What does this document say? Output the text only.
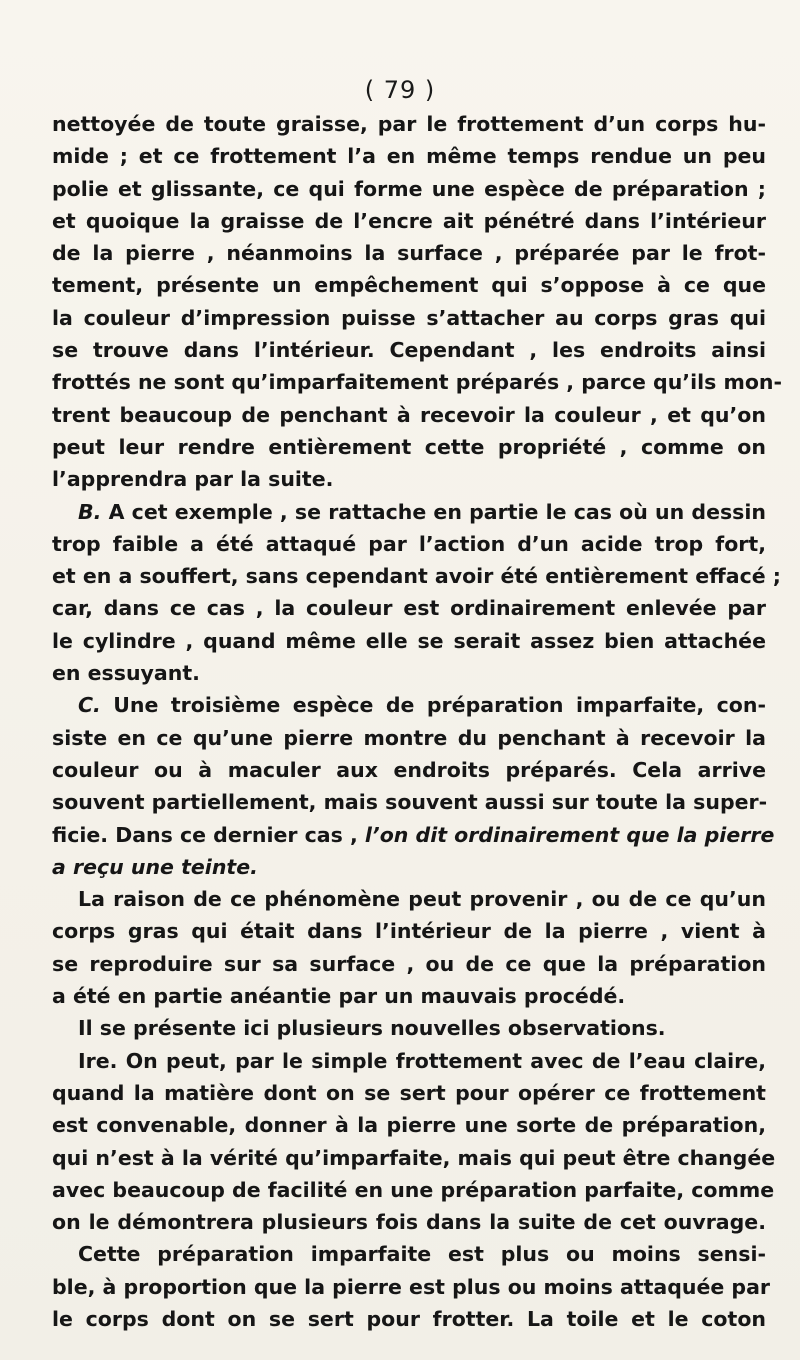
( 79 )
nettoyée de toute graisse, par le frottement d’un corps hu-
mide ; et ce frottement l’a en même temps rendue un peu
polie et glissante, ce qui forme une espèce de préparation ;
et quoique la graisse de l’encre ait pénétré dans l’intérieur
de la pierre , néanmoins la surface , préparée par le frot-
tement, présente un empêchement qui s’oppose à ce que
la couleur d’impression puisse s’attacher au corps gras qui
se trouve dans l’intérieur. Cependant , les endroits ainsi
frottés ne sont qu’imparfaitement préparés , parce qu’ils mon-
trent beaucoup de penchant à recevoir la couleur , et qu’on
peut leur rendre entièrement cette propriété , comme on
l’apprendra par la suite.
B. A cet exemple , se rattache en partie le cas où un dessin
trop faible a été attaqué par l’action d’un acide trop fort,
et en a souffert, sans cependant avoir été entièrement effacé ;
car, dans ce cas , la couleur est ordinairement enlevée par
le cylindre , quand même elle se serait assez bien attachée
en essuyant.
C. Une troisième espèce de préparation imparfaite, con-
siste en ce qu’une pierre montre du penchant à recevoir la
couleur ou à maculer aux endroits préparés. Cela arrive
souvent partiellement, mais souvent aussi sur toute la super-
ficie. Dans ce dernier cas , l’on dit ordinairement que la pierre
a reçu une teinte.
La raison de ce phénomène peut provenir , ou de ce qu’un
corps gras qui était dans l’intérieur de la pierre , vient à
se reproduire sur sa surface , ou de ce que la préparation
a été en partie anéantie par un mauvais procédé.
Il se présente ici plusieurs nouvelles observations.
Ire. On peut, par le simple frottement avec de l’eau claire,
quand la matière dont on se sert pour opérer ce frottement
est convenable, donner à la pierre une sorte de préparation,
qui n’est à la vérité qu’imparfaite, mais qui peut être changée
avec beaucoup de facilité en une préparation parfaite, comme
on le démontrera plusieurs fois dans la suite de cet ouvrage.
Cette préparation imparfaite est plus ou moins sensi-
ble, à proportion que la pierre est plus ou moins attaquée par
le corps dont on se sert pour frotter. La toile et le coton
